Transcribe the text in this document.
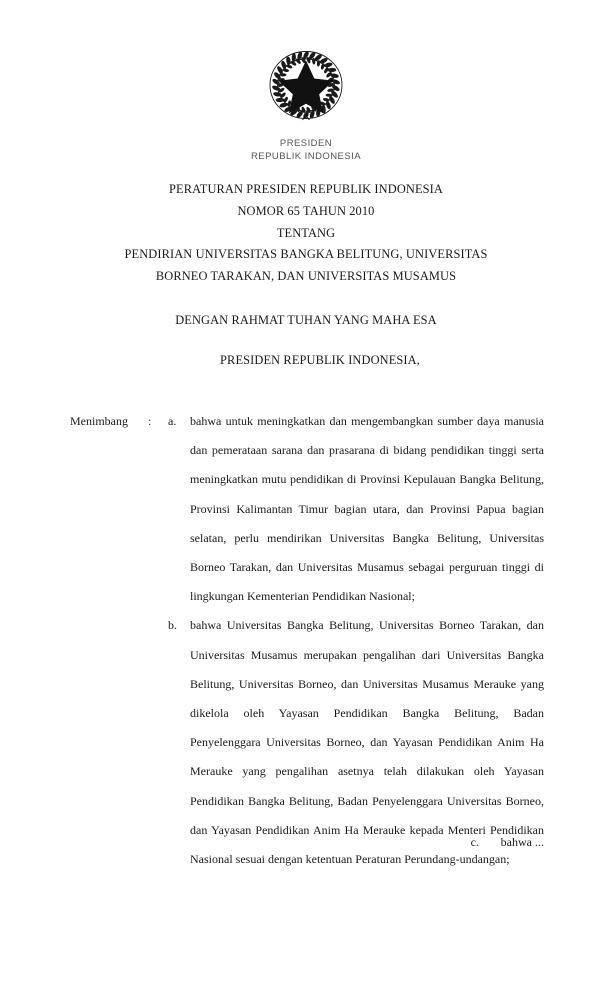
PRESIDEN
REPUBLIK INDONESIA
PERATURAN PRESIDEN REPUBLIK INDONESIA
NOMOR 65 TAHUN 2010
TENTANG
PENDIRIAN UNIVERSITAS BANGKA BELITUNG, UNIVERSITAS
BORNEO TARAKAN, DAN UNIVERSITAS MUSAMUS
DENGAN RAHMAT TUHAN YANG MAHA ESA
PRESIDEN REPUBLIK INDONESIA,
Menimbang	:	a.	bahwa untuk meningkatkan dan mengembangkan sumber daya manusia dan pemerataan sarana dan prasarana di bidang pendidikan tinggi serta meningkatkan mutu pendidikan di Provinsi Kepulauan Bangka Belitung, Provinsi Kalimantan Timur bagian utara, dan Provinsi Papua bagian selatan, perlu mendirikan Universitas Bangka Belitung, Universitas Borneo Tarakan, dan Universitas Musamus sebagai perguruan tinggi di lingkungan Kementerian Pendidikan Nasional;
b.	bahwa Universitas Bangka Belitung, Universitas Borneo Tarakan, dan Universitas Musamus merupakan pengalihan dari Universitas Bangka Belitung, Universitas Borneo, dan Universitas Musamus Merauke yang dikelola oleh Yayasan Pendidikan Bangka Belitung, Badan Penyelenggara Universitas Borneo, dan Yayasan Pendidikan Anim Ha Merauke yang pengalihan asetnya telah dilakukan oleh Yayasan Pendidikan Bangka Belitung, Badan Penyelenggara Universitas Borneo, dan Yayasan Pendidikan Anim Ha Merauke kepada Menteri Pendidikan Nasional sesuai dengan ketentuan Peraturan Perundang-undangan;
c.	bahwa ...
